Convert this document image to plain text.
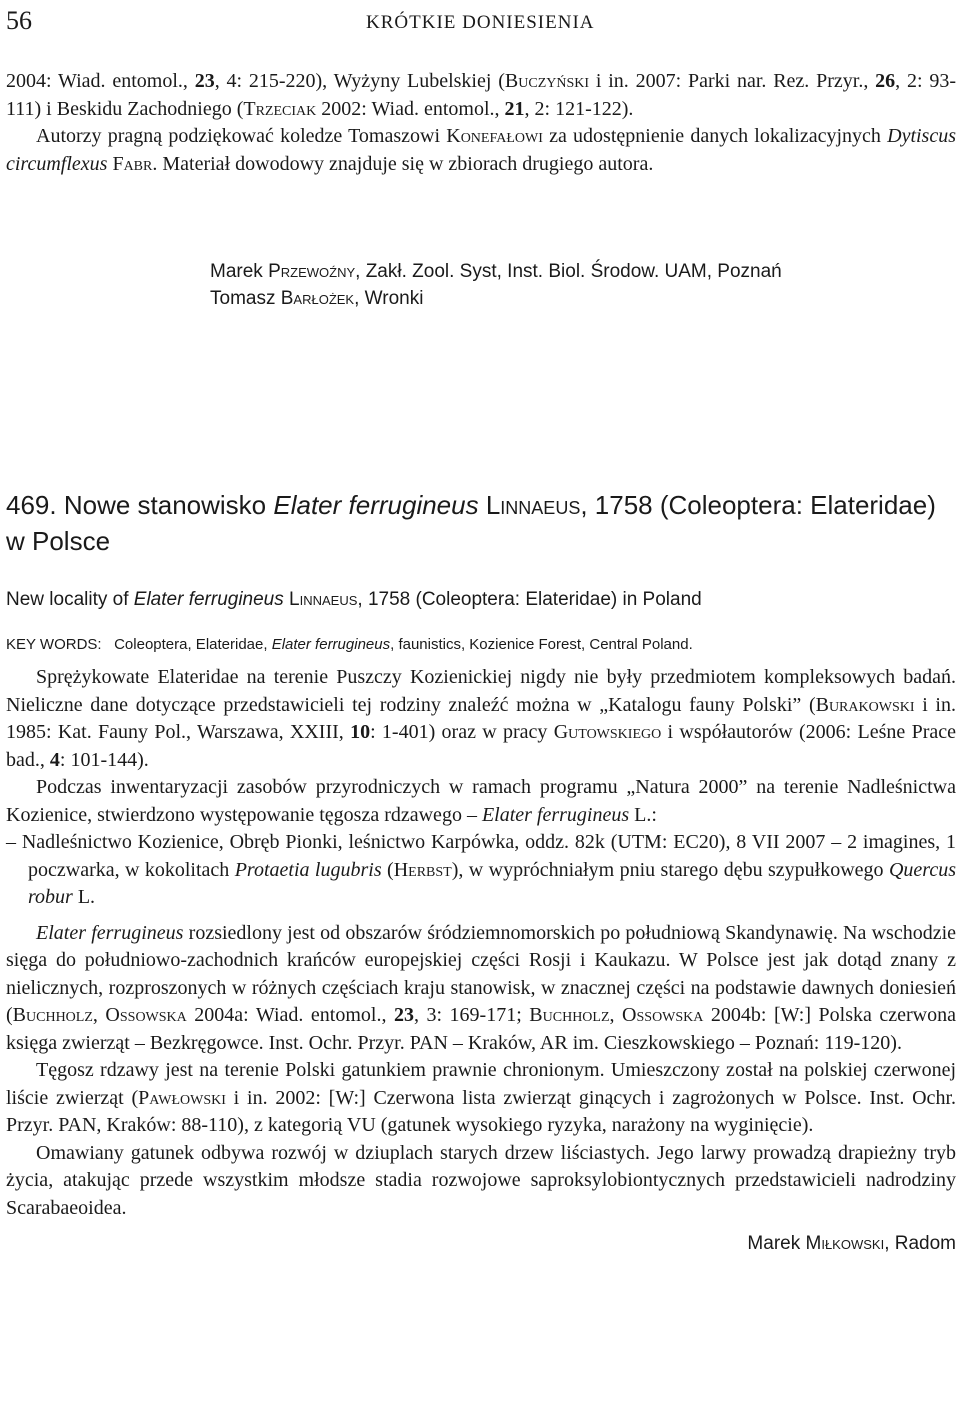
56	KRÓTKIE DONIESIENIA

2004: Wiad. entomol., 23, 4: 215-220), Wyżyny Lubelskiej (Buczyński i in. 2007: Parki nar. Rez. Przyr., 26, 2: 93-111) i Beskidu Zachodniego (Trzeciak 2002: Wiad. entomol., 21, 2: 121-122).

Autorzy pragną podziękować koledze Tomaszowi Konefałowi za udostępnienie danych lokalizacyjnych Dytiscus circumflexus Fabr. Materiał dowodowy znajduje się w zbiorach drugiego autora.

Marek Przewoźny, Zakł. Zool. Syst, Inst. Biol. Środow. UAM, Poznań
Tomasz Barłożek, Wronki
469. Nowe stanowisko Elater ferrugineus Linnaeus, 1758 (Coleoptera: Elateridae) w Polsce
New locality of Elater ferrugineus Linnaeus, 1758 (Coleoptera: Elateridae) in Poland
KEY WORDS: Coleoptera, Elateridae, Elater ferrugineus, faunistics, Kozienice Forest, Central Poland.

Sprężykowate Elateridae na terenie Puszczy Kozienickiej nigdy nie były przedmiotem kompleksowych badań. Nieliczne dane dotyczące przedstawicieli tej rodziny znaleźć można w „Katalogu fauny Polski” (Burakowski i in. 1985: Kat. Fauny Pol., Warszawa, XXIII, 10: 1-401) oraz w pracy Gutowskiego i współautorów (2006: Leśne Prace bad., 4: 101-144).

Podczas inwentaryzacji zasobów przyrodniczych w ramach programu „Natura 2000” na terenie Nadleśnictwa Kozienice, stwierdzono występowanie tęgosza rdzawego – Elater ferrugineus L.:

– Nadleśnictwo Kozienice, Obręb Pionki, leśnictwo Karpówka, oddz. 82k (UTM: EC20), 8 VII 2007 – 2 imagines, 1 poczwarka, w kokolitach Protaetia lugubris (Herbst), w wypróchniałym pniu starego dębu szypułkowego Quercus robur L.

Elater ferrugineus rozsiedlony jest od obszarów śródziemnomorskich po południową Skandynawię. Na wschodzie sięga do południowo-zachodnich krańców europejskiej części Rosji i Kaukazu. W Polsce jest jak dotąd znany z nielicznych, rozproszonych w różnych częściach kraju stanowisk, w znacznej części na podstawie dawnych doniesień (Buchholz, Ossowska 2004a: Wiad. entomol., 23, 3: 169-171; Buchholz, Ossowska 2004b: [W:] Polska czerwona księga zwierząt – Bezkręgowce. Inst. Ochr. Przyr. PAN – Kraków, AR im. Cieszkowskiego – Poznań: 119-120).

Tęgosz rdzawy jest na terenie Polski gatunkiem prawnie chronionym. Umieszczony został na polskiej czerwonej liście zwierząt (Pawłowski i in. 2002: [W:] Czerwona lista zwierząt ginących i zagrożonych w Polsce. Inst. Ochr. Przyr. PAN, Kraków: 88-110), z kategorią VU (gatunek wysokiego ryzyka, narażony na wyginięcie).

Omawiany gatunek odbywa rozwój w dziuplach starych drzew liściastych. Jego larwy prowadzą drapieżny tryb życia, atakując przede wszystkim młodsze stadia rozwojowe saproksylobiontycznych przedstawicieli nadrodziny Scarabaeoidea.

Marek Miłkowski, Radom
